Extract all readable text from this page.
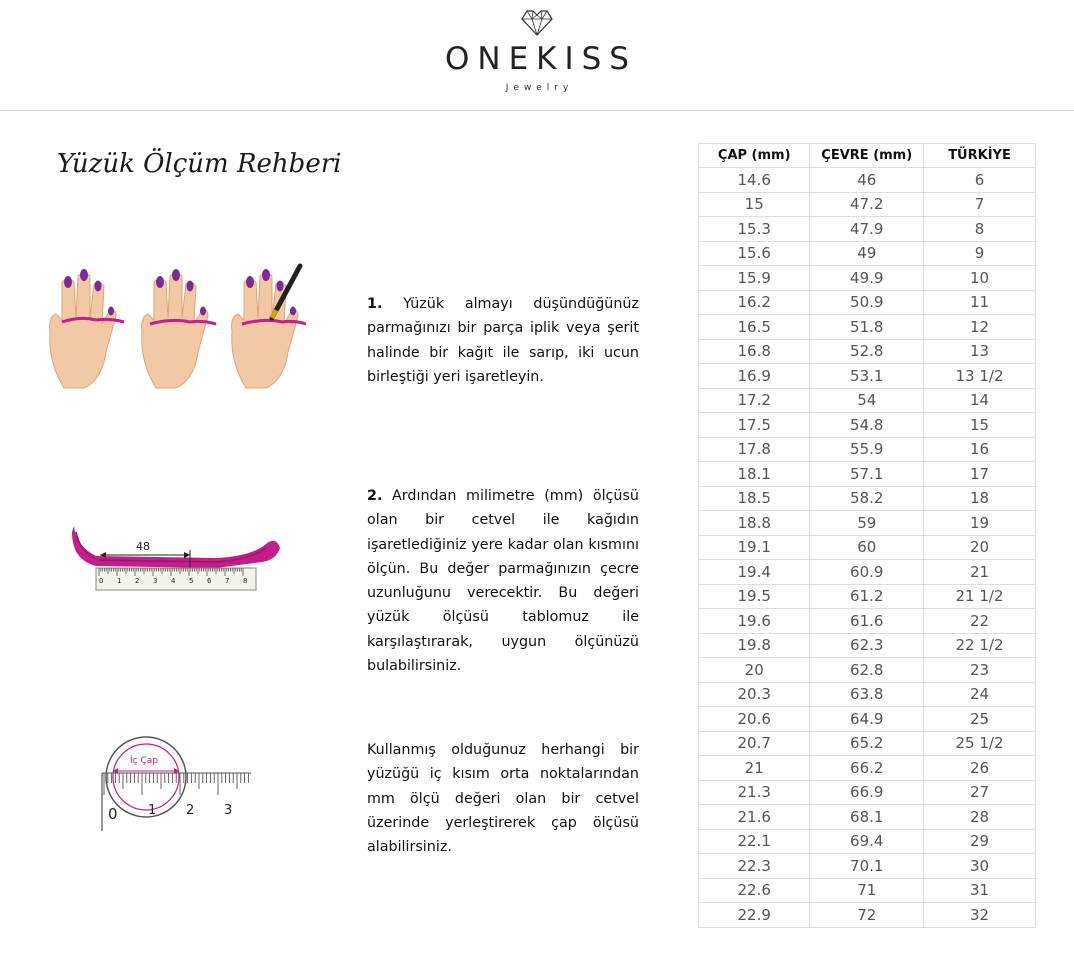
ONEKISS
Jewelry
Yüzük Ölçüm Rehberi
1. Yüzük almayı düşündüğünüz parmağınızı bir parça iplik veya şerit halinde bir kağıt ile sarıp, iki ucun birleştiği yeri işaretleyin.
48
0 1 2 3 4 5 6 7 8
2. Ardından milimetre (mm) ölçüsü olan bir cetvel ile kağıdın işaretlediğiniz yere kadar olan kısmını ölçün. Bu değer parmağınızın çecre uzunluğunu verecektir. Bu değeri yüzük ölçüsü tablomuz ile karşılaştırarak, uygun ölçünüzü bulabilirsiniz.
İç Çap
0 1 2 3
Kullanmış olduğunuz herhangi bir yüzüğü iç kısım orta noktalarından mm ölçü değeri olan bir cetvel üzerinde yerleştirerek çap ölçüsü alabilirsiniz.
ÇAP (mm)	ÇEVRE (mm)	TÜRKİYE
14.6	46	6
15	47.2	7
15.3	47.9	8
15.6	49	9
15.9	49.9	10
16.2	50.9	11
16.5	51.8	12
16.8	52.8	13
16.9	53.1	13 1/2
17.2	54	14
17.5	54.8	15
17.8	55.9	16
18.1	57.1	17
18.5	58.2	18
18.8	59	19
19.1	60	20
19.4	60.9	21
19.5	61.2	21 1/2
19.6	61.6	22
19.8	62.3	22 1/2
20	62.8	23
20.3	63.8	24
20.6	64.9	25
20.7	65.2	25 1/2
21	66.2	26
21.3	66.9	27
21.6	68.1	28
22.1	69.4	29
22.3	70.1	30
22.6	71	31
22.9	72	32
